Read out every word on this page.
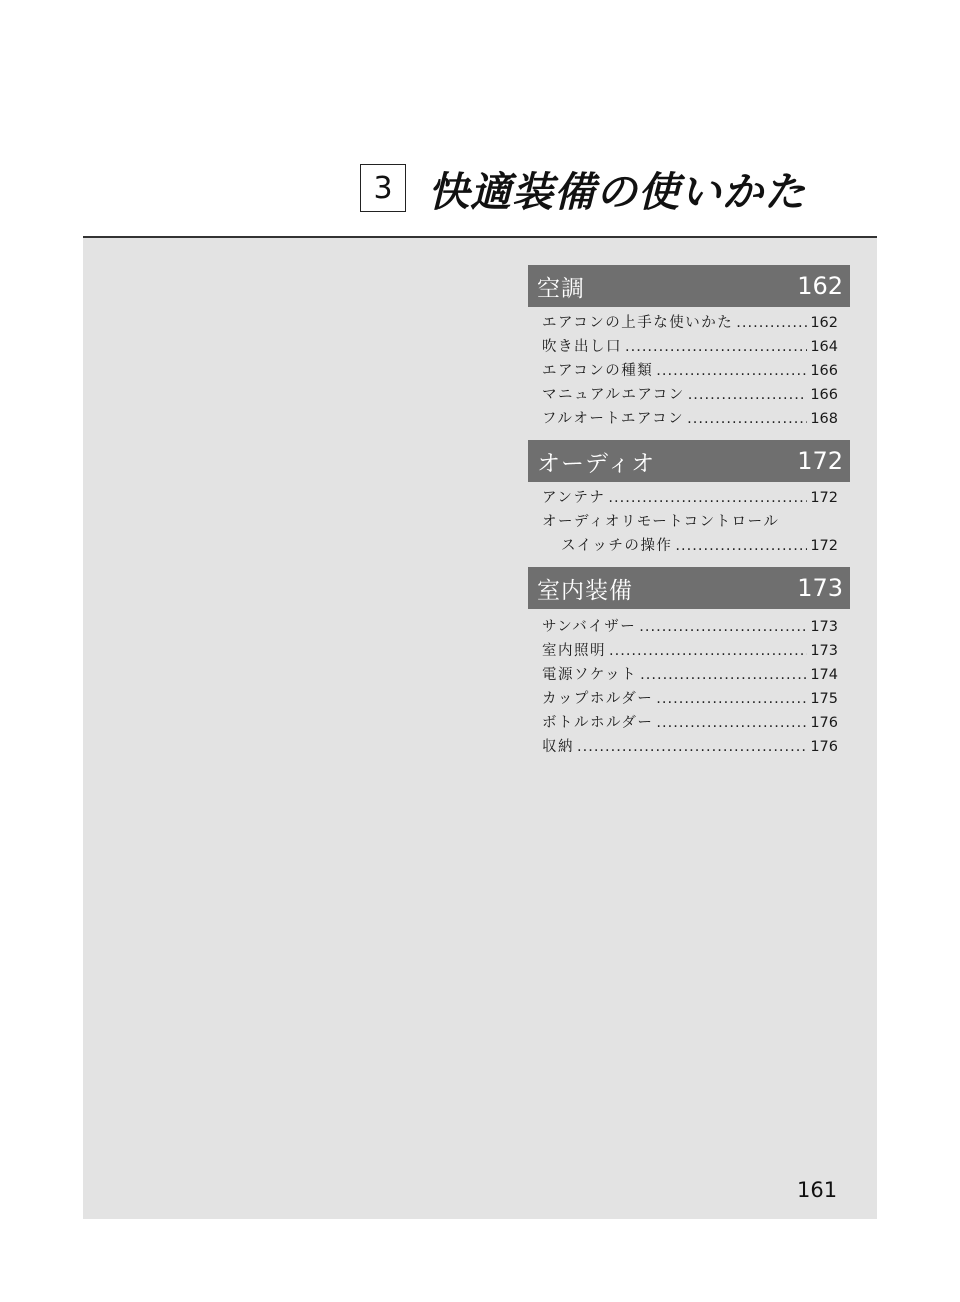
3 快適装備の使いかた
空調	162
エアコンの上手な使いかた .....	162
吹き出し口 .....	164
エアコンの種類 .....	166
マニュアルエアコン .....	166
フルオートエアコン .....	168
オーディオ	172
アンテナ .....	172
オーディオリモートコントロール
スイッチの操作 .....	172
室内装備	173
サンバイザー .....	173
室内照明 .....	173
電源ソケット .....	174
カップホルダー .....	175
ボトルホルダー .....	176
収納 .....	176
161
